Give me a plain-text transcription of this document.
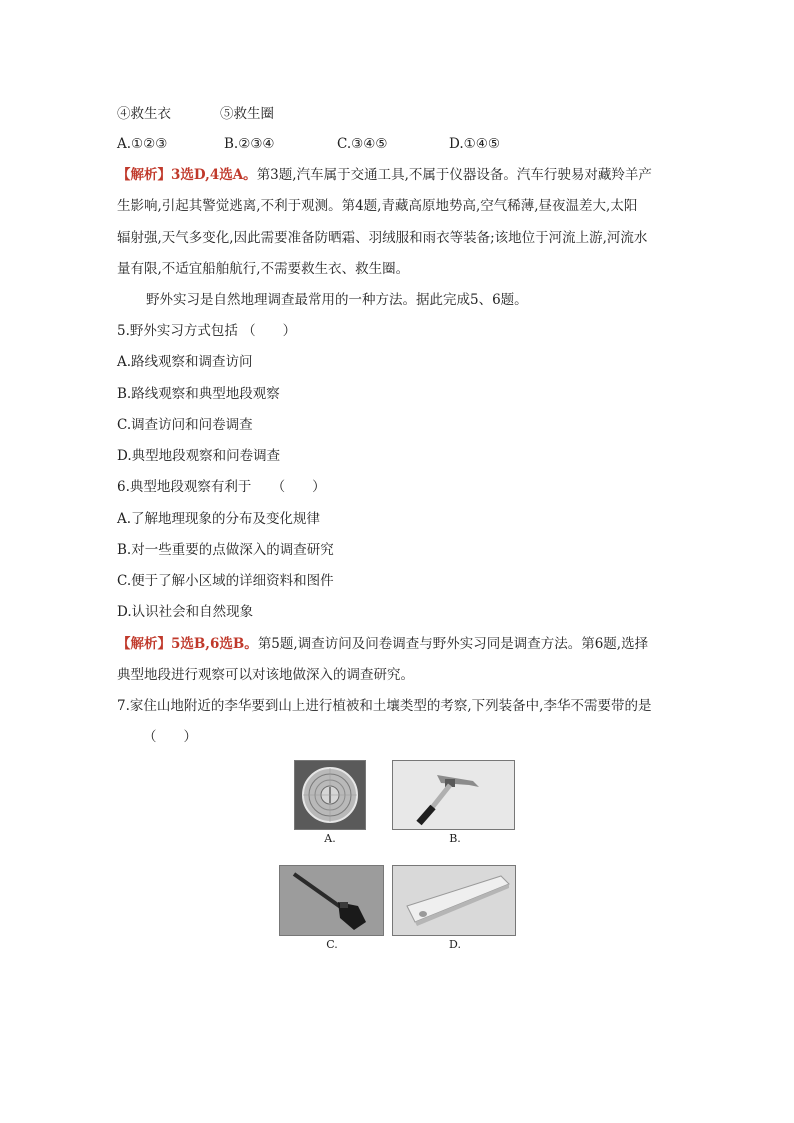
④救生衣	⑤救生圈
A.①②③	B.②③④	C.③④⑤	D.①④⑤
【解析】3选D,4选A。第3题,汽车属于交通工具,不属于仪器设备。汽车行驶易对藏羚羊产
生影响,引起其警觉逃离,不利于观测。第4题,青藏高原地势高,空气稀薄,昼夜温差大,太阳
辐射强,天气多变化,因此需要准备防晒霜、羽绒服和雨衣等装备;该地位于河流上游,河流水
量有限,不适宜船舶航行,不需要救生衣、救生圈。
野外实习是自然地理调查最常用的一种方法。据此完成5、6题。
5.野外实习方式包括 （　　）
A.路线观察和调查访问
B.路线观察和典型地段观察
C.调查访问和问卷调查
D.典型地段观察和问卷调查
6.典型地段观察有利于　　（　　）
A.了解地理现象的分布及变化规律
B.对一些重要的点做深入的调查研究
C.便于了解小区域的详细资料和图件
D.认识社会和自然现象
【解析】5选B,6选B。第5题,调查访问及问卷调查与野外实习同是调查方法。第6题,选择
典型地段进行观察可以对该地做深入的调查研究。
7.家住山地附近的李华要到山上进行植被和土壤类型的考察,下列装备中,李华不需要带的是
（　　）
A.	B.
C.	D.
